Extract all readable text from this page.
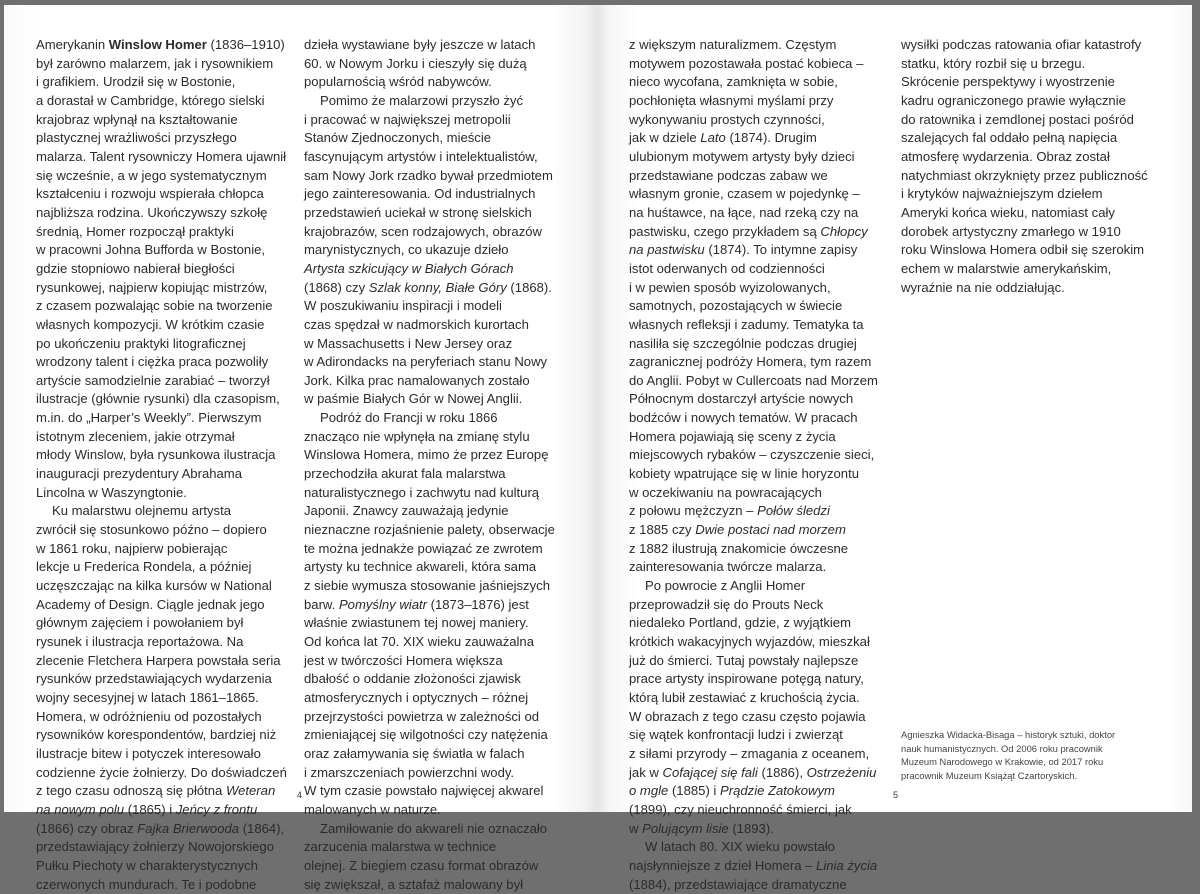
Amerykanin Winslow Homer (1836–1910)
był zarówno malarzem, jak i rysownikiem
i grafikiem. Urodził się w Bostonie,
a dorastał w Cambridge, którego sielski
krajobraz wpłynął na kształtowanie
plastycznej wrażliwości przyszłego
malarza. Talent rysowniczy Homera ujawnił
się wcześnie, a w jego systematycznym
kształceniu i rozwoju wspierała chłopca
najbliższa rodzina. Ukończywszy szkołę
średnią, Homer rozpoczął praktyki
w pracowni Johna Bufforda w Bostonie,
gdzie stopniowo nabierał biegłości
rysunkowej, najpierw kopiując mistrzów,
z czasem pozwalając sobie na tworzenie
własnych kompozycji. W krótkim czasie
po ukończeniu praktyki litograficznej
wrodzony talent i ciężka praca pozwoliły
artyście samodzielnie zarabiać – tworzył
ilustracje (głównie rysunki) dla czasopism,
m.in. do „Harper’s Weekly”. Pierwszym
istotnym zleceniem, jakie otrzymał
młody Winslow, była rysunkowa ilustracja
inauguracji prezydentury Abrahama
Lincolna w Waszyngtonie.
Ku malarstwu olejnemu artysta
zwrócił się stosunkowo późno – dopiero
w 1861 roku, najpierw pobierając
lekcje u Frederica Rondela, a później
uczęszczając na kilka kursów w National
Academy of Design. Ciągle jednak jego
głównym zajęciem i powołaniem był
rysunek i ilustracja reportażowa. Na
zlecenie Fletchera Harpera powstała seria
rysunków przedstawiających wydarzenia
wojny secesyjnej w latach 1861–1865.
Homera, w odróżnieniu od pozostałych
rysowników korespondentów, bardziej niż
ilustracje bitew i potyczek interesowało
codzienne życie żołnierzy. Do doświadczeń
z tego czasu odnoszą się płótna Weteran
na nowym polu (1865) i Jeńcy z frontu
(1866) czy obraz Fajka Brierwooda (1864),
przedstawiający żołnierzy Nowojorskiego
Pułku Piechoty w charakterystycznych
czerwonych mundurach. Te i podobne
dzieła wystawiane były jeszcze w latach
60. w Nowym Jorku i cieszyły się dużą
popularnością wśród nabywców.
Pomimo że malarzowi przyszło żyć
i pracować w największej metropolii
Stanów Zjednoczonych, mieście
fascynującym artystów i intelektualistów,
sam Nowy Jork rzadko bywał przedmiotem
jego zainteresowania. Od industrialnych
przedstawień uciekał w stronę sielskich
krajobrazów, scen rodzajowych, obrazów
marynistycznych, co ukazuje dzieło
Artysta szkicujący w Białych Górach
(1868) czy Szlak konny, Białe Góry (1868).
W poszukiwaniu inspiracji i modeli
czas spędzał w nadmorskich kurortach
w Massachusetts i New Jersey oraz
w Adirondacks na peryferiach stanu Nowy
Jork. Kilka prac namalowanych zostało
w paśmie Białych Gór w Nowej Anglii.
Podróż do Francji w roku 1866
znacząco nie wpłynęła na zmianę stylu
Winslowa Homera, mimo że przez Europę
przechodziła akurat fala malarstwa
naturalistycznego i zachwytu nad kulturą
Japonii. Znawcy zauważają jedynie
nieznaczne rozjaśnienie palety, obserwacje
te można jednakże powiązać ze zwrotem
artysty ku technice akwareli, która sama
z siebie wymusza stosowanie jaśniejszych
barw. Pomyślny wiatr (1873–1876) jest
właśnie zwiastunem tej nowej maniery.
Od końca lat 70. XIX wieku zauważalna
jest w twórczości Homera większa
dbałość o oddanie złożoności zjawisk
atmosferycznych i optycznych – różnej
przejrzystości powietrza w zależności od
zmieniającej się wilgotności czy natężenia
oraz załamywania się światła w falach
i zmarszczeniach powierzchni wody.
W tym czasie powstało najwięcej akwarel
malowanych w naturze.
Zamiłowanie do akwareli nie oznaczało
zarzucenia malarstwa w technice
olejnej. Z biegiem czasu format obrazów
się zwiększał, a sztafaż malowany był
4
z większym naturalizmem. Częstym
motywem pozostawała postać kobieca –
nieco wycofana, zamknięta w sobie,
pochłonięta własnymi myślami przy
wykonywaniu prostych czynności,
jak w dziele Lato (1874). Drugim
ulubionym motywem artysty były dzieci
przedstawiane podczas zabaw we
własnym gronie, czasem w pojedynkę –
na huśtawce, na łące, nad rzeką czy na
pastwisku, czego przykładem są Chłopcy
na pastwisku (1874). To intymne zapisy
istot oderwanych od codzienności
i w pewien sposób wyizolowanych,
samotnych, pozostających w świecie
własnych refleksji i zadumy. Tematyka ta
nasiliła się szczególnie podczas drugiej
zagranicznej podróży Homera, tym razem
do Anglii. Pobyt w Cullercoats nad Morzem
Północnym dostarczył artyście nowych
bodźców i nowych tematów. W pracach
Homera pojawiają się sceny z życia
miejscowych rybaków – czyszczenie sieci,
kobiety wpatrujące się w linie horyzontu
w oczekiwaniu na powracających
z połowu mężczyzn – Połów śledzi
z 1885 czy Dwie postaci nad morzem
z 1882 ilustrują znakomicie ówczesne
zainteresowania twórcze malarza.
Po powrocie z Anglii Homer
przeprowadził się do Prouts Neck
niedaleko Portland, gdzie, z wyjątkiem
krótkich wakacyjnych wyjazdów, mieszkał
już do śmierci. Tutaj powstały najlepsze
prace artysty inspirowane potęgą natury,
którą lubił zestawiać z kruchością życia.
W obrazach z tego czasu często pojawia
się wątek konfrontacji ludzi i zwierząt
z siłami przyrody – zmagania z oceanem,
jak w Cofającej się fali (1886), Ostrzeżeniu
o mgle (1885) i Prądzie Zatokowym
(1899), czy nieuchronność śmierci, jak
w Polującym lisie (1893).
W latach 80. XIX wieku powstało
najsłynniejsze z dzieł Homera – Linia życia
(1884), przedstawiające dramatyczne
wysiłki podczas ratowania ofiar katastrofy
statku, który rozbił się u brzegu.
Skrócenie perspektywy i wyostrzenie
kadru ograniczonego prawie wyłącznie
do ratownika i zemdlonej postaci pośród
szalejących fal oddało pełną napięcia
atmosferę wydarzenia. Obraz został
natychmiast okrzyknięty przez publiczność
i krytyków najważniejszym dziełem
Ameryki końca wieku, natomiast cały
dorobek artystyczny zmarłego w 1910
roku Winslowa Homera odbił się szerokim
echem w malarstwie amerykańskim,
wyraźnie na nie oddziałując.
Agnieszka Widacka-Bisaga – historyk sztuki, doktor
nauk humanistycznych. Od 2006 roku pracownik
Muzeum Narodowego w Krakowie, od 2017 roku
pracownik Muzeum Książąt Czartoryskich.
5
